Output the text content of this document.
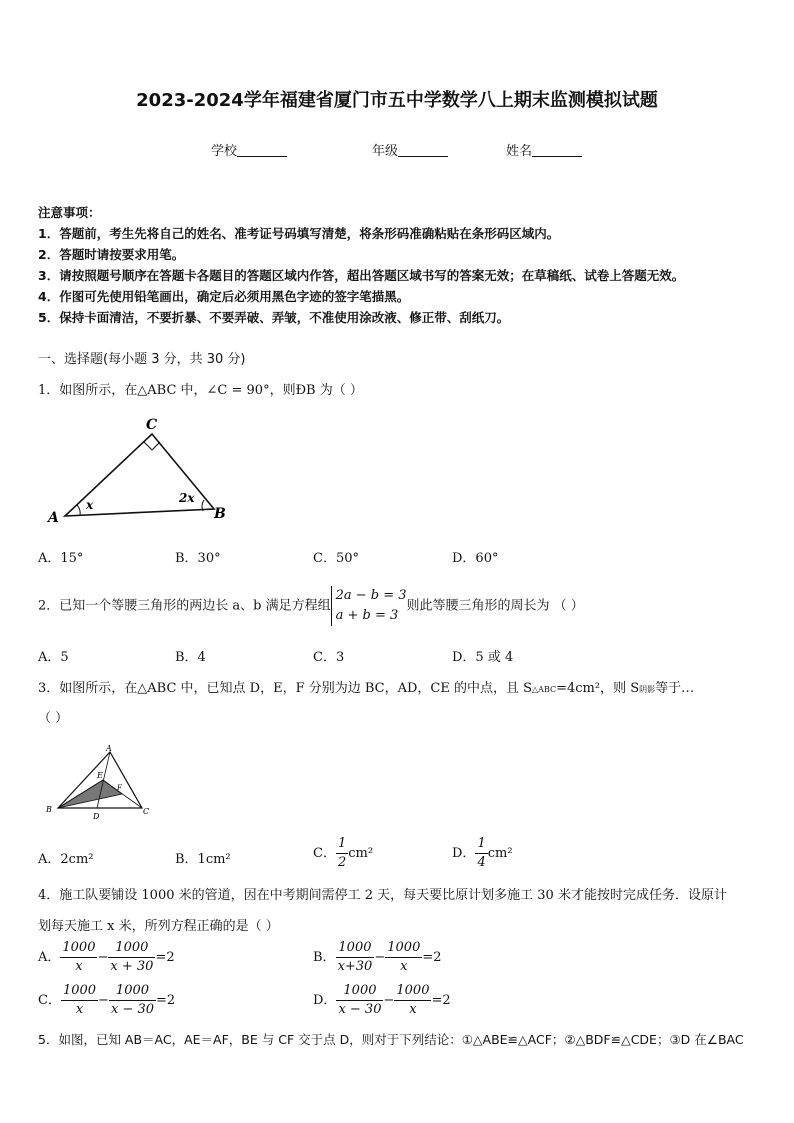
2023-2024学年福建省厦门市五中学数学八上期末监测模拟试题
学校	年级	姓名
注意事项：
1．答题前，考生先将自己的姓名、准考证号码填写清楚，将条形码准确粘贴在条形码区域内。
2．答题时请按要求用笔。
3．请按照题号顺序在答题卡各题目的答题区域内作答，超出答题区域书写的答案无效；在草稿纸、试卷上答题无效。
4．作图可先使用铅笔画出，确定后必须用黑色字迹的签字笔描黑。
5．保持卡面清洁，不要折暴、不要弄破、弄皱，不准使用涂改液、修正带、刮纸刀。
一、选择题(每小题 3 分，共 30 分)
1．如图所示，在△ABC 中，∠C = 90°，则ÐB 为（ ）
C
A	B
x	2x
A．15°	B．30°	C．50°	D．60°
2．已知一个等腰三角形的两边长 a、b 满足方程组
2a − b = 3
a + b = 3
则此等腰三角形的周长为 （ ）
A．5	B．4	C．3	D．5 或 4
3．如图所示，在△ABC 中，已知点 D，E，F 分别为边 BC，AD，CE 的中点，且 S△ABC=4cm²，则 S阴影等于…
（ ）
A
B	C
D
E
F
A．2cm²	B．1cm²	C． $\frac{1}{2} cm^2$	D． $\frac{1}{4} cm^2$
4．施工队要铺设 1000 米的管道，因在中考期间需停工 2 天，每天要比原计划多施工 30 米才能按时完成任务．设原计
划每天施工 x 米，所列方程正确的是（ ）
A． $\frac{1000}{x} - \frac{1000}{x + 30} =2$	B． $\frac{1000}{x+30} - \frac{1000}{x} =2$
C． $\frac{1000}{x} - \frac{1000}{x - 30} =2$	D． $\frac{1000}{x - 30} - \frac{1000}{x} =2$
5．如图，已知 AB＝AC，AE＝AF，BE 与 CF 交于点 D，则对于下列结论：①△ABE≌△ACF；②△BDF≌△CDE；③D 在∠BAC
